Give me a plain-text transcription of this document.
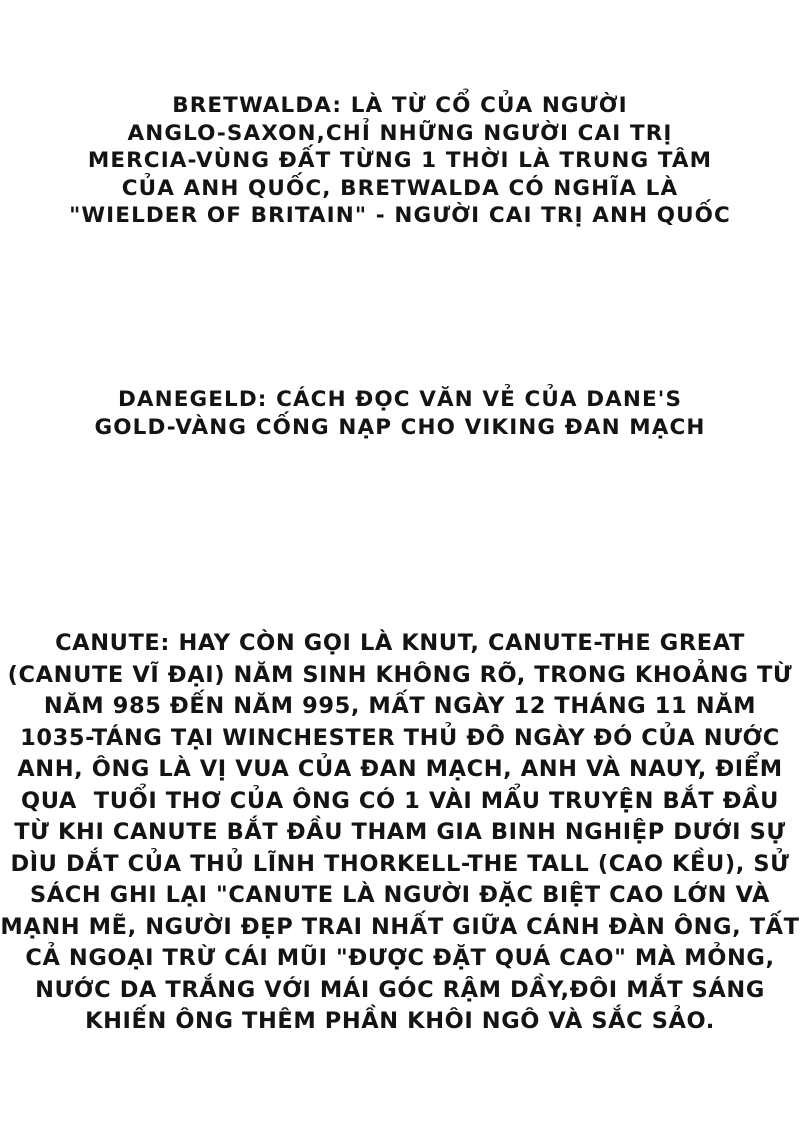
BRETWALDA: LÀ TỪ CỔ CỦA NGƯỜI
ANGLO-SAXON,CHỈ NHỮNG NGƯỜI CAI TRỊ
MERCIA-VÙNG ĐẤT TỪNG 1 THỜI LÀ TRUNG TÂM
CỦA ANH QUỐC, BRETWALDA CÓ NGHĨA LÀ
"WIELDER OF BRITAIN" - NGƯỜI CAI TRỊ ANH QUỐC
DANEGELD: CÁCH ĐỌC VĂN VẺ CỦA DANE'S
GOLD-VÀNG CỐNG NẠP CHO VIKING ĐAN MẠCH
CANUTE: HAY CÒN GỌI LÀ KNUT, CANUTE-THE GREAT
(CANUTE VĨ ĐẠI) NĂM SINH KHÔNG RÕ, TRONG KHOẢNG TỪ
NĂM 985 ĐẾN NĂM 995, MẤT NGÀY 12 THÁNG 11 NĂM
1035-TÁNG TẠI WINCHESTER THỦ ĐÔ NGÀY ĐÓ CỦA NƯỚC
ANH, ÔNG LÀ VỊ VUA CỦA ĐAN MẠCH, ANH VÀ NAUY, ĐIỂM
QUA  TUỔI THƠ CỦA ÔNG CÓ 1 VÀI MẨU TRUYỆN BẮT ĐẦU
TỪ KHI CANUTE BẮT ĐẦU THAM GIA BINH NGHIỆP DƯỚI SỰ
DÌU DẮT CỦA THỦ LĨNH THORKELL-THE TALL (CAO KỀU), SỬ
SÁCH GHI LẠI "CANUTE LÀ NGƯỜI ĐẶC BIỆT CAO LỚN VÀ
MẠNH MẼ, NGƯỜI ĐẸP TRAI NHẤT GIỮA CÁNH ĐÀN ÔNG, TẤT
CẢ NGOẠI TRỪ CÁI MŨI "ĐƯỢC ĐẶT QUÁ CAO" MÀ MỎNG,
NƯỚC DA TRẮNG VỚI MÁI GÓC RẬM DẦY,ĐÔI MẮT SÁNG
KHIẾN ÔNG THÊM PHẦN KHÔI NGÔ VÀ SẮC SẢO.
